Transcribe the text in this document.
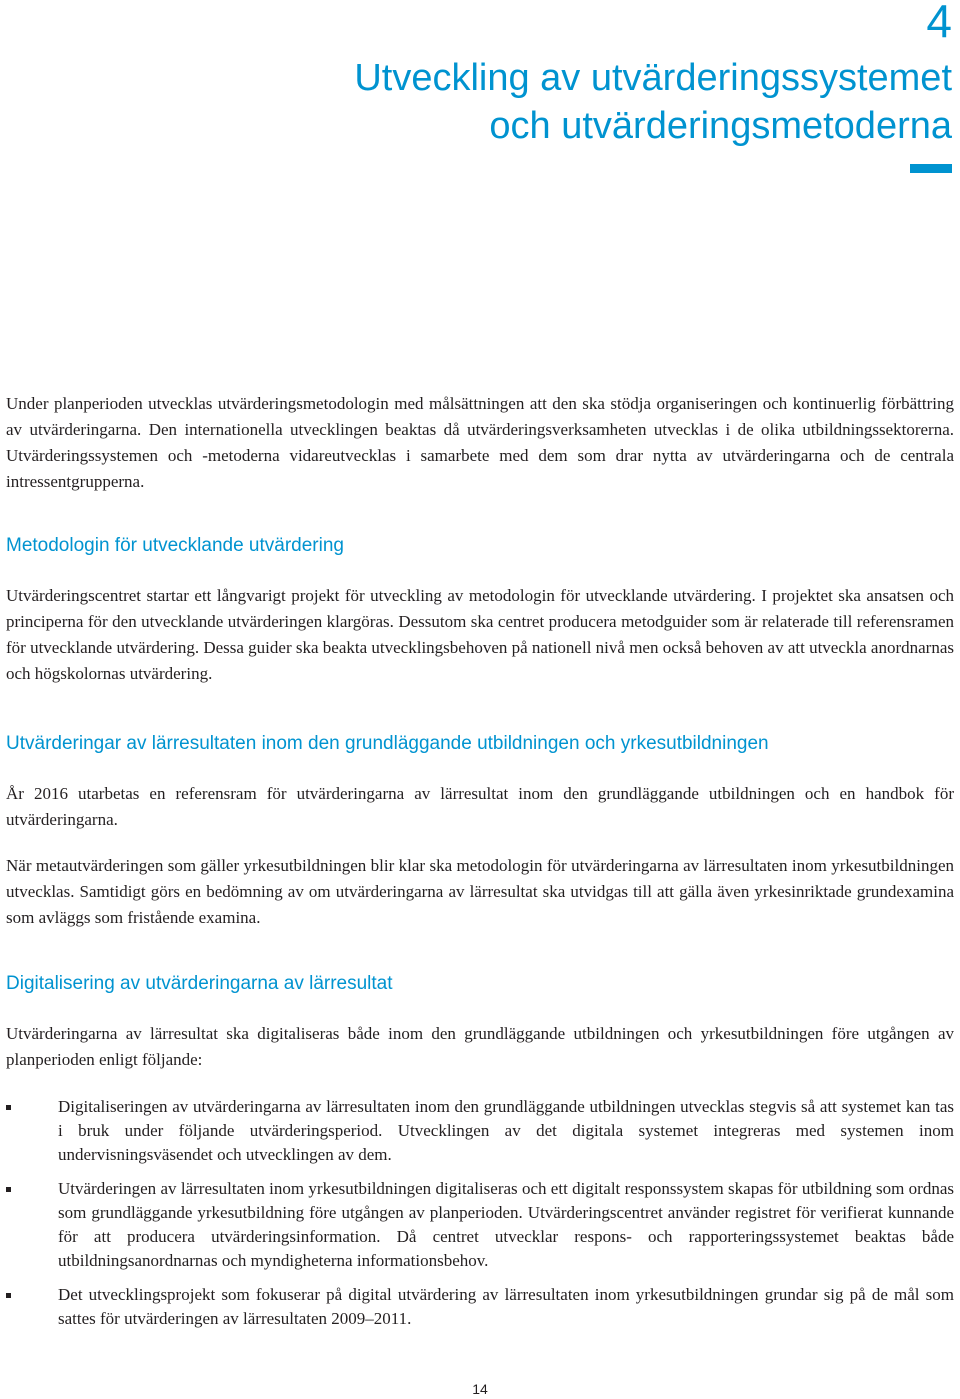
4
Utveckling av utvärderingssystemet
och utvärderingsmetoderna

Under planperioden utvecklas utvärderingsmetodologin med målsättningen att den ska stödja organiseringen och kontinuerlig förbättring av utvärderingarna. Den internationella utvecklingen beaktas då utvärderingsverksamheten utvecklas i de olika utbildningssektorerna. Utvärderingssystemen och -metoderna vidareutvecklas i samarbete med dem som drar nytta av utvärderingarna och de centrala intressentgrupperna.

Metodologin för utvecklande utvärdering

Utvärderingscentret startar ett långvarigt projekt för utveckling av metodologin för utvecklande utvärdering. I projektet ska ansatsen och principerna för den utvecklande utvärderingen klargöras. Dessutom ska centret producera metodguider som är relaterade till referensramen för utvecklande utvärdering. Dessa guider ska beakta utvecklingsbehoven på nationell nivå men också behoven av att utveckla anordnarnas och högskolornas utvärdering.

Utvärderingar av lärresultaten inom den grundläggande utbildningen och yrkesutbildningen

År 2016 utarbetas en referensram för utvärderingarna av lärresultat inom den grundläggande utbildningen och en handbok för utvärderingarna.

När metautvärderingen som gäller yrkesutbildningen blir klar ska metodologin för utvärderingarna av lärresultaten inom yrkesutbildningen utvecklas. Samtidigt görs en bedömning av om utvärderingarna av lärresultat ska utvidgas till att gälla även yrkesinriktade grundexamina som avläggs som fristående examina.

Digitalisering av utvärderingarna av lärresultat

Utvärderingarna av lärresultat ska digitaliseras både inom den grundläggande utbildningen och yrkesutbildningen före utgången av planperioden enligt följande:

Digitaliseringen av utvärderingarna av lärresultaten inom den grundläggande utbildningen utvecklas stegvis så att systemet kan tas i bruk under följande utvärderingsperiod. Utvecklingen av det digitala systemet integreras med systemen inom undervisningsväsendet och utvecklingen av dem.
Utvärderingen av lärresultaten inom yrkesutbildningen digitaliseras och ett digitalt responssystem skapas för utbildning som ordnas som grundläggande yrkesutbildning före utgången av planperioden. Utvärderingscentret använder registret för verifierat kunnande för att producera utvärderingsinformation. Då centret utvecklar respons- och rapporteringssystemet beaktas både utbildningsanordnarnas och myndigheterna informationsbehov.
Det utvecklingsprojekt som fokuserar på digital utvärdering av lärresultaten inom yrkesutbildningen grundar sig på de mål som sattes för utvärderingen av lärresultaten 2009–2011.
14
